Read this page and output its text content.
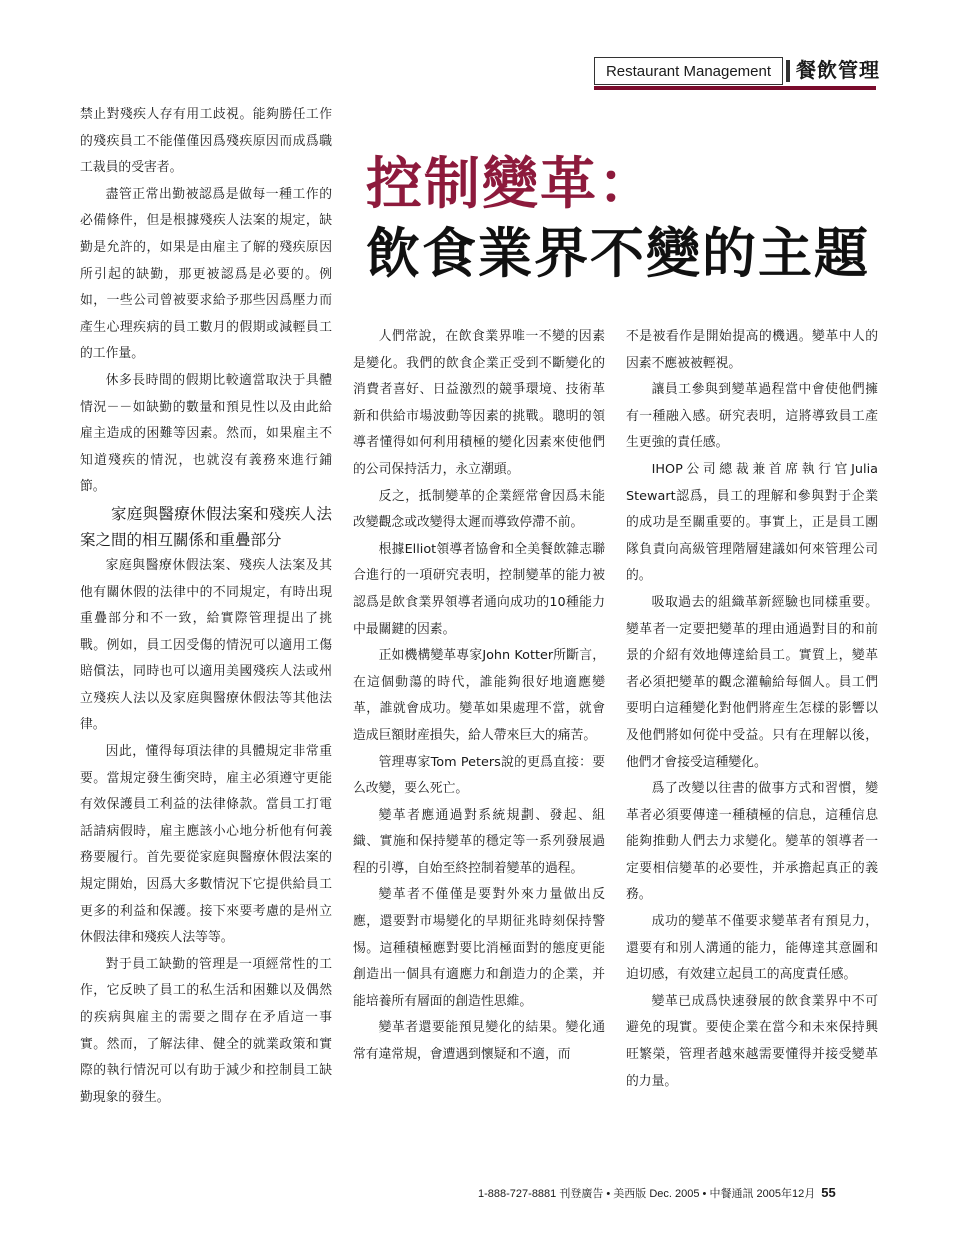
Restaurant Management	餐飲管理
控制變革：
飲食業界不變的主題

禁止對殘疾人存有用工歧視。能夠勝任工作的殘疾員工不能僅僅因爲殘疾原因而成爲職工裁員的受害者。

盡管正常出勤被認爲是做每一種工作的必備條件，但是根據殘疾人法案的規定，缺勤是允許的，如果是由雇主了解的殘疾原因所引起的缺勤，那更被認爲是必要的。例如，一些公司曾被要求給予那些因爲壓力而產生心理疾病的員工數月的假期或減輕員工的工作量。

休多長時間的假期比較適當取決于具體情況－－如缺勤的數量和預見性以及由此給雇主造成的困難等因素。然而，如果雇主不知道殘疾的情況，也就沒有義務來進行鋪節。

家庭與醫療休假法案和殘疾人法案之間的相互關係和重疊部分

家庭與醫療休假法案、殘疾人法案及其他有關休假的法律中的不同規定，有時出現重疊部分和不一致，給實際管理提出了挑戰。例如，員工因受傷的情況可以適用工傷賠償法，同時也可以適用美國殘疾人法或州立殘疾人法以及家庭與醫療休假法等其他法律。

因此，懂得每項法律的具體規定非常重要。當規定發生衝突時，雇主必須遵守更能有效保護員工利益的法律條款。當員工打電話請病假時，雇主應該小心地分析他有何義務要履行。首先要從家庭與醫療休假法案的規定開始，因爲大多數情況下它提供給員工更多的利益和保護。接下來要考慮的是州立休假法律和殘疾人法等等。

對于員工缺勤的管理是一項經常性的工作，它反映了員工的私生活和困難以及偶然的疾病與雇主的需要之間存在矛盾這一事實。然而，了解法律、健全的就業政策和實際的執行情況可以有助于減少和控制員工缺勤現象的發生。

人們常說，在飲食業界唯一不變的因素是變化。我們的飲食企業正受到不斷變化的消費者喜好、日益激烈的競爭環境、技術革新和供給市場波動等因素的挑戰。聰明的領導者懂得如何利用積極的變化因素來使他們的公司保持活力，永立潮頭。

反之，抵制變革的企業經常會因爲未能改變觀念或改變得太遲而導致停滯不前。

根據Elliot領導者協會和全美餐飲雜志聯合進行的一項研究表明，控制變革的能力被認爲是飲食業界領導者通向成功的10種能力中最關鍵的因素。

正如機構變革專家John Kotter所斷言，在這個動蕩的時代，誰能夠很好地適應變革，誰就會成功。變革如果處理不當，就會造成巨額財産損失，給人帶來巨大的痛苦。

管理專家Tom Peters說的更爲直接：要么改變，要么死亡。

變革者應通過對系統規劃、發起、組織、實施和保持變革的穩定等一系列發展過程的引導，自始至終控制着變革的過程。

變革者不僅僅是要對外來力量做出反應，還要對市場變化的早期征兆時刻保持警惕。這種積極應對要比消極面對的態度更能創造出一個具有適應力和創造力的企業，并能培養所有層面的創造性思維。

變革者還要能預見變化的結果。變化通常有違常規，會遭遇到懷疑和不適，而

不是被看作是開始提高的機遇。變革中人的因素不應被被輕視。

讓員工參與到變革過程當中會使他們擁有一種融入感。研究表明，這將導致員工產生更強的責任感。

IHOP公司總裁兼首席執行官Julia Stewart認爲，員工的理解和參與對于企業的成功是至關重要的。事實上，正是員工團隊負責向高級管理階層建議如何來管理公司的。

吸取過去的組織革新經驗也同樣重要。變革者一定要把變革的理由通過對目的和前景的介紹有效地傳達給員工。實質上，變革者必須把變革的觀念灌輸給每個人。員工們要明白這種變化對他們將産生怎樣的影響以及他們將如何從中受益。只有在理解以後，他們才會接受這種變化。

爲了改變以往書的做事方式和習慣，變革者必須要傳達一種積極的信息，這種信息能夠推動人們去力求變化。變革的領導者一定要相信變革的必要性，并承擔起真正的義務。

成功的變革不僅要求變革者有預見力，還要有和別人溝通的能力，能傳達其意圖和迫切感，有效建立起員工的高度責任感。

變革已成爲快速發展的飲食業界中不可避免的現實。要使企業在當今和未來保持興旺繁榮，管理者越來越需要懂得并接受變革的力量。

1-888-727-8881 刊登廣告 • 美西版 Dec. 2005 • 中餐通訊 2005年12月 55
